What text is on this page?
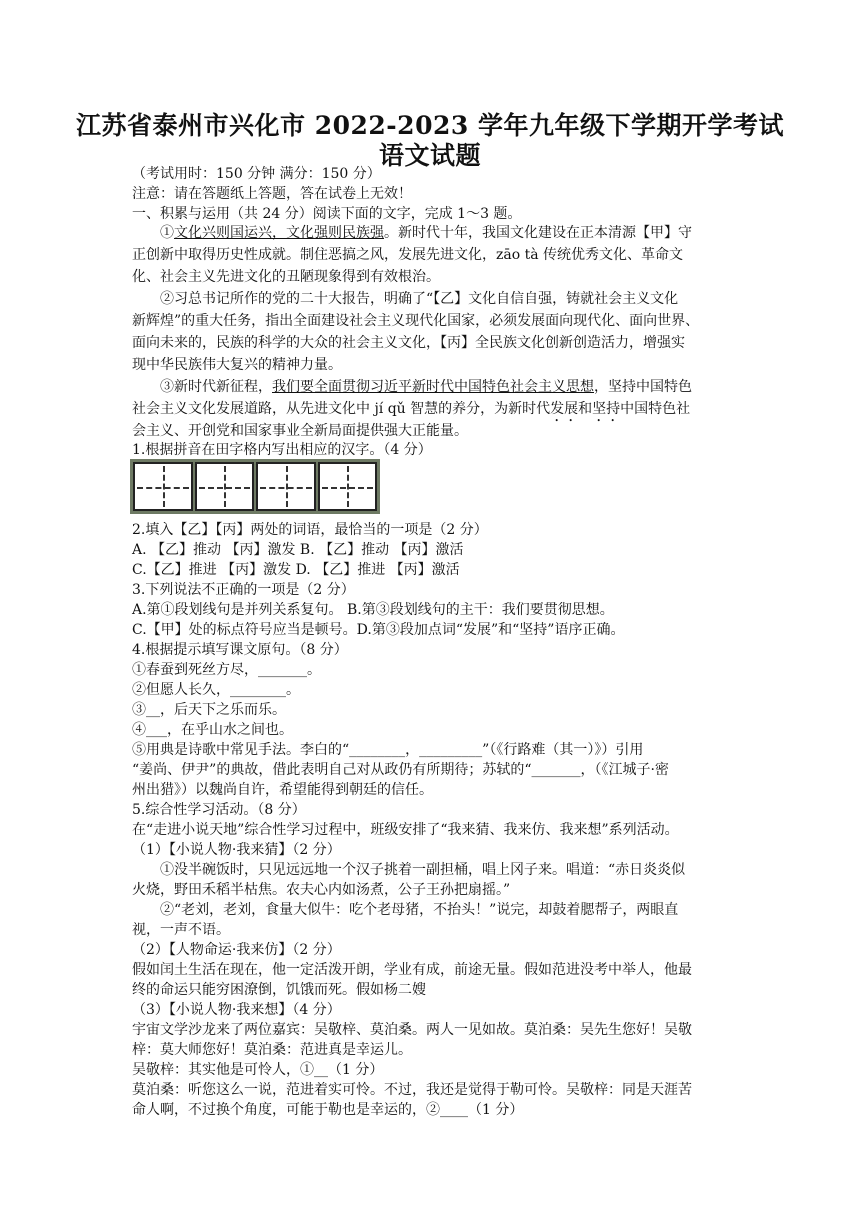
江苏省泰州市兴化市 2022-2023 学年九年级下学期开学考试
语文试题
（考试用时：150 分钟 满分：150 分）
注意：请在答题纸上答题，答在试卷上无效！
一、积累与运用（共 24 分）阅读下面的文字，完成 1～3 题。
①文化兴则国运兴，文化强则民族强。新时代十年，我国文化建设在正本清源【甲】守
正创新中取得历史性成就。制住恶搞之风，发展先进文化，zāo tà 传统优秀文化、革命文
化、社会主义先进文化的丑陋现象得到有效根治。
②习总书记所作的党的二十大报告，明确了“【乙】文化自信自强，铸就社会主义文化
新辉煌”的重大任务，指出全面建设社会主义现代化国家，必须发展面向现代化、面向世界、
面向未来的，民族的科学的大众的社会主义文化，【丙】全民族文化创新创造活力，增强实
现中华民族伟大复兴的精神力量。
③新时代新征程，我们要全面贯彻习近平新时代中国特色社会主义思想，坚持中国特色
社会主义文化发展道路，从先进文化中 jí qǔ 智慧的养分，为新时代发展和坚持中国特色社
会主义、开创党和国家事业全新局面提供强大正能量。
1.根据拼音在田字格内写出相应的汉字。（4 分）
2.填入【乙】【丙】两处的词语，最恰当的一项是（2 分）
A. 【乙】推动 【丙】激发 B. 【乙】推动 【丙】激活
C.【乙】推进 【丙】激发 D. 【乙】推进 【丙】激活
3.下列说法不正确的一项是（2 分）
A.第①段划线句是并列关系复句。 B.第③段划线句的主干：我们要贯彻思想。
C.【甲】处的标点符号应当是顿号。D.第③段加点词“发展”和“坚持”语序正确。
4.根据提示填写课文原句。（8 分）
①春蚕到死丝方尽，_______。
②但愿人长久，________。
③__，后天下之乐而乐。
④___，在乎山水之间也。
⑤用典是诗歌中常见手法。李白的“________，_________”（《行路难（其一）》）引用
“姜尚、伊尹”的典故，借此表明自己对从政仍有所期待；苏轼的“_______，（《江城子·密
州出猎》）以魏尚自许，希望能得到朝廷的信任。
5.综合性学习活动。（8 分）
在“走进小说天地”综合性学习过程中，班级安排了“我来猜、我来仿、我来想”系列活动。
（1）【小说人物·我来猜】（2 分）
①没半碗饭时，只见远远地一个汉子挑着一副担桶，唱上冈子来。唱道：“赤日炎炎似
火烧，野田禾稻半枯焦。农夫心内如汤煮，公子王孙把扇摇。”
②“老刘，老刘，食量大似牛：吃个老母猪，不抬头！”说完，却鼓着腮帮子，两眼直
视，一声不语。
（2）【人物命运·我来仿】（2 分）
假如闰土生活在现在，他一定活泼开朗，学业有成，前途无量。假如范进没考中举人，他最
终的命运只能穷困潦倒，饥饿而死。假如杨二嫂
（3）【小说人物·我来想】（4 分）
宇宙文学沙龙来了两位嘉宾：吴敬梓、莫泊桑。两人一见如故。莫泊桑：吴先生您好！吴敬
梓：莫大师您好！莫泊桑：范进真是幸运儿。
吴敬梓：其实他是可怜人，①__（1 分）
莫泊桑：听您这么一说，范进着实可怜。不过，我还是觉得于勒可怜。吴敬梓：同是天涯苦
命人啊，不过换个角度，可能于勒也是幸运的，②____（1 分）
